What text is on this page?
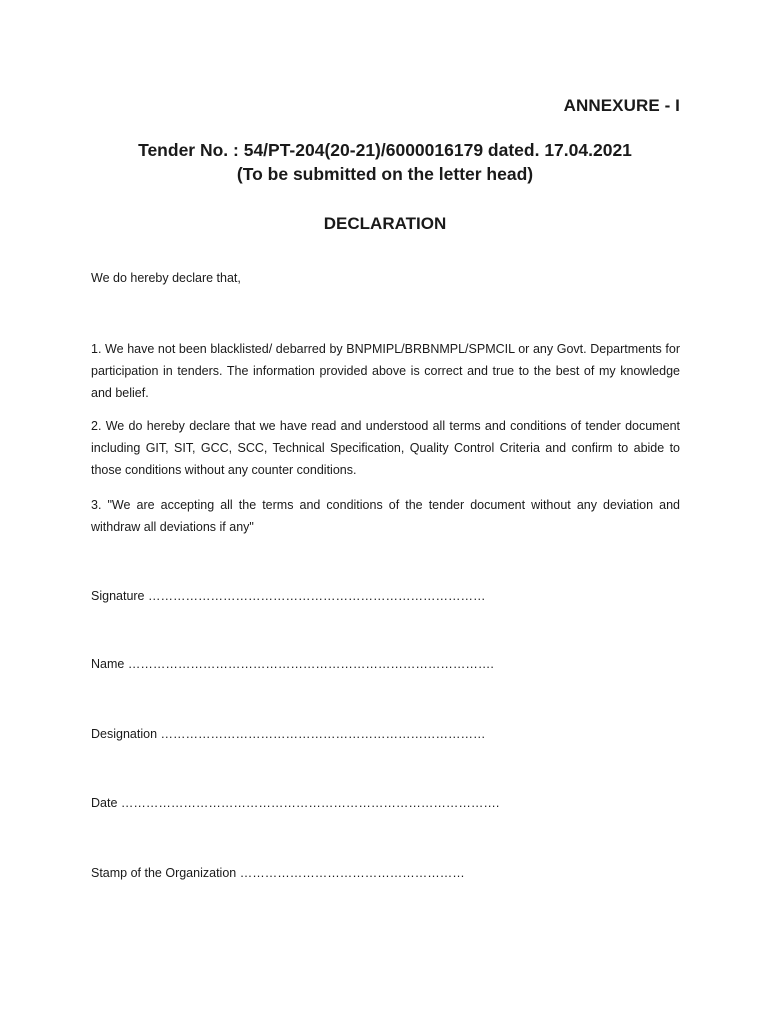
ANNEXURE - I
Tender No. : 54/PT-204(20-21)/6000016179 dated. 17.04.2021
(To be submitted on the letter head)
DECLARATION
We do hereby declare that,
1. We have not been blacklisted/ debarred by BNPMIPL/BRBNMPL/SPMCIL or any Govt. Departments for participation in tenders. The information provided above is correct and true to the best of my knowledge and belief.
2. We do hereby declare that we have read and understood all terms and conditions of tender document including GIT, SIT, GCC, SCC, Technical Specification, Quality Control Criteria and confirm to abide to those conditions without any counter conditions.
3. "We are accepting all the terms and conditions of the tender document without any deviation and withdraw all deviations if any"
Signature ………………………………………………………………………
Name …………………………………………………………………………….
Designation ……………………………………………………………………
Date ……………………………………………………………………………….
Stamp of the Organization ………………………………………………
